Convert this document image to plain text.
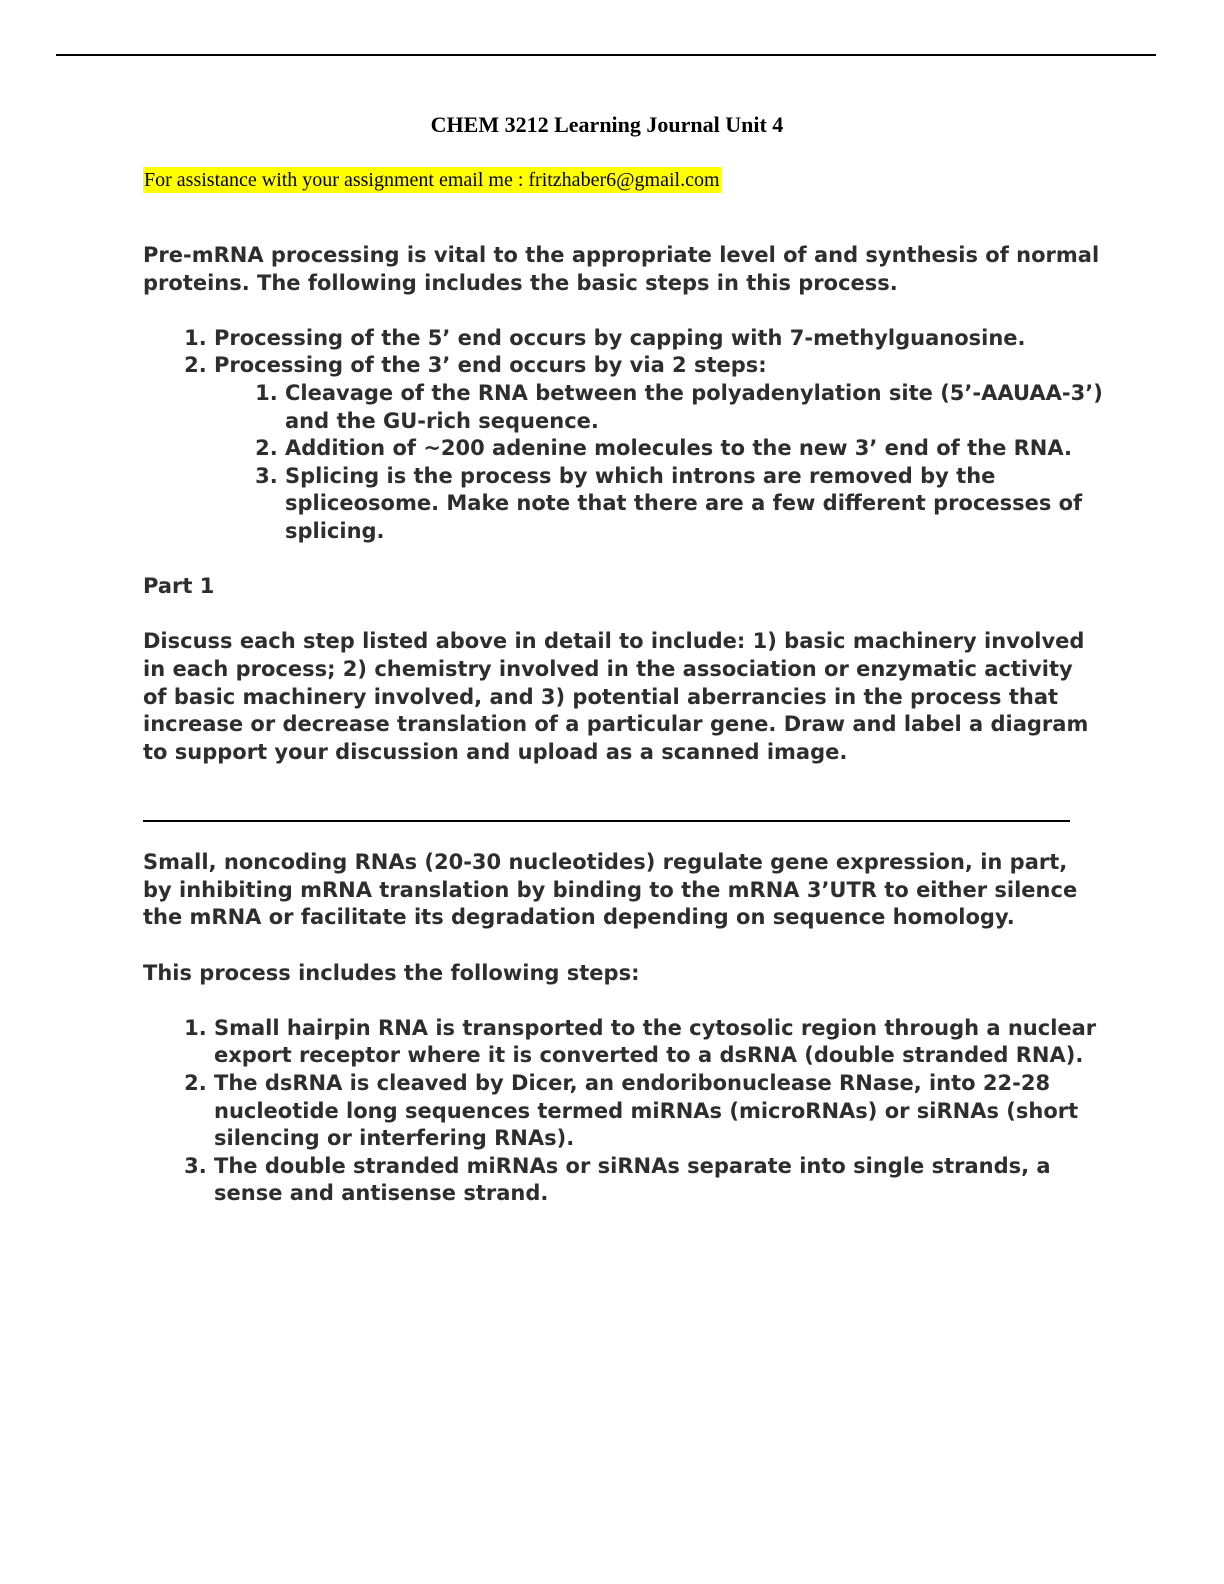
CHEM 3212 Learning Journal Unit 4

For assistance with your assignment email me : fritzhaber6@gmail.com

Pre-mRNA processing is vital to the appropriate level of and synthesis of normal proteins. The following includes the basic steps in this process.

1. Processing of the 5’ end occurs by capping with 7-methylguanosine.
2. Processing of the 3’ end occurs by via 2 steps:
1. Cleavage of the RNA between the polyadenylation site (5’-AAUAA-3’) and the GU-rich sequence.
2. Addition of ~200 adenine molecules to the new 3’ end of the RNA.
3. Splicing is the process by which introns are removed by the spliceosome. Make note that there are a few different processes of splicing.

Part 1

Discuss each step listed above in detail to include: 1) basic machinery involved in each process; 2) chemistry involved in the association or enzymatic activity of basic machinery involved, and 3) potential aberrancies in the process that increase or decrease translation of a particular gene. Draw and label a diagram to support your discussion and upload as a scanned image.

Small, noncoding RNAs (20-30 nucleotides) regulate gene expression, in part, by inhibiting mRNA translation by binding to the mRNA 3’UTR to either silence the mRNA or facilitate its degradation depending on sequence homology.

This process includes the following steps:

1. Small hairpin RNA is transported to the cytosolic region through a nuclear export receptor where it is converted to a dsRNA (double stranded RNA).
2. The dsRNA is cleaved by Dicer, an endoribonuclease RNase, into 22-28 nucleotide long sequences termed miRNAs (microRNAs) or siRNAs (short silencing or interfering RNAs).
3. The double stranded miRNAs or siRNAs separate into single strands, a sense and antisense strand.
